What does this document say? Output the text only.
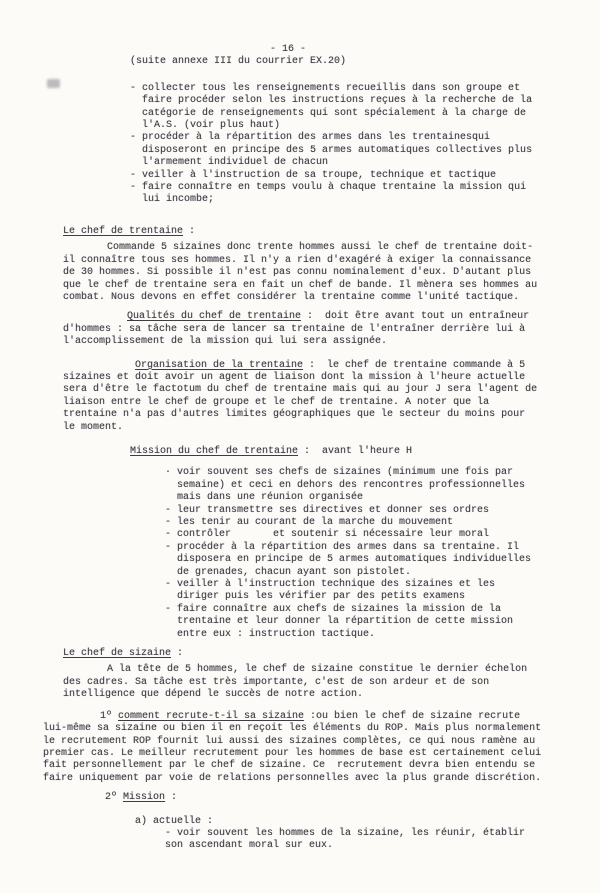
- 16 -

(suite annexe III du courrier EX.20)

- collecter tous les renseignements recueillis dans son groupe et faire procéder selon les instructions reçues à la recherche de la catégorie de renseignements qui sont spécialement à la charge de l'A.S. (voir plus haut)
- procéder à la répartition des armes dans les trentainesqui disposeront en principe des 5 armes automatiques collectives plus l'armement individuel de chacun
- veiller à l'instruction de sa troupe, technique et tactique
- faire connaître en temps voulu à chaque trentaine la mission qui lui incombe;
Le chef de trentaine :

Commande 5 sizaines donc trente hommes aussi le chef de trentaine doit-il connaître tous ses hommes. Il n'y a rien d'exagéré à exiger la connaissance de 30 hommes. Si possible il n'est pas connu nominalement d'eux. D'autant plus que le chef de trentaine sera en fait un chef de bande. Il mènera ses hommes au combat. Nous devons en effet considérer la trentaine comme l'unité tactique.

Qualités du chef de trentaine :  doit être avant tout un entraîneur d'hommes : sa tâche sera de lancer sa trentaine de l'entraîner derrière lui à l'accomplissement de la mission qui lui sera assignée.

Organisation de la trentaine :  le chef de trentaine commande à 5 sizaines et doit avoir un agent de liaison dont la mission à l'heure actuelle sera d'être le factotum du chef de trentaine mais qui au jour J sera l'agent de liaison entre le chef de groupe et le chef de trentaine. A noter que la trentaine n'a pas d'autres limites géographiques que le secteur du moins pour le moment.

Mission du chef de trentaine :  avant l'heure H

· voir souvent ses chefs de sizaines (minimum une fois par semaine) et ceci en dehors des rencontres professionnelles mais dans une réunion organisée
- leur transmettre ses directives et donner ses ordres
- les tenir au courant de la marche du mouvement
- contrôler       et soutenir si nécessaire leur moral
- procéder à la répartition des armes dans sa trentaine. Il disposera en principe de 5 armes automatiques individuelles de grenades, chacun ayant son pistolet.
- veiller à l'instruction technique des sizaines et les diriger puis les vérifier par des petits examens
- faire connaître aux chefs de sizaines la mission de la trentaine et leur donner la répartition de cette mission entre eux : instruction tactique.
Le chef de sizaine :

A la tête de 5 hommes, le chef de sizaine constitue le dernier échelon des cadres. Sa tâche est très importante, c'est de son ardeur et de son intelligence que dépend le succès de notre action.

1º comment recrute-t-il sa sizaine :ou bien le chef de sizaine recrute lui-même sa sizaine ou bien il en reçoit les éléments du ROP. Mais plus normalement le recrutement ROP fournit lui aussi des sizaines complètes, ce qui nous ramène au premier cas. Le meilleur recrutement pour les hommes de base est certainement celui fait personnellement par le chef de sizaine. Ce  recrutement devra bien entendu se faire uniquement par voie de relations personnelles avec la plus grande discrétion.

2º Mission :

a) actuelle :

- voir souvent les hommes de la sizaine, les réunir, établir son ascendant moral sur eux.
